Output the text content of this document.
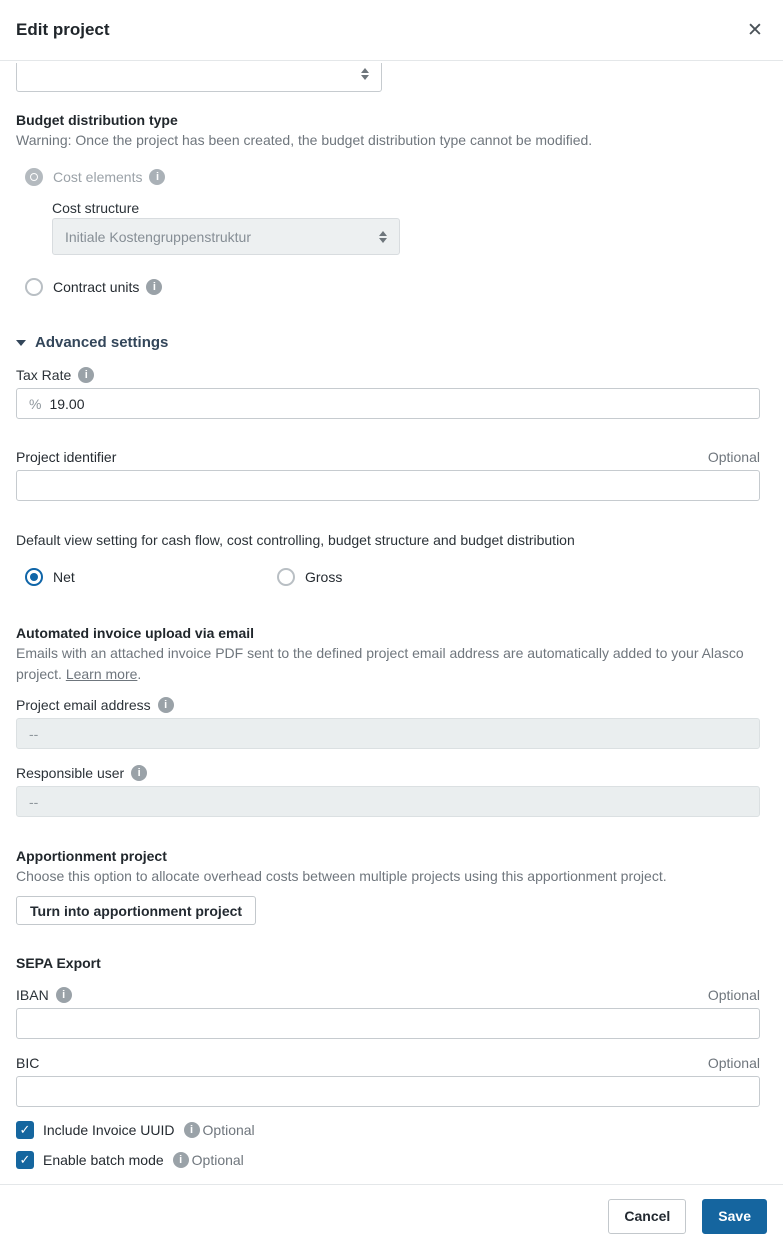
Edit project	✕
Budget distribution type
Warning: Once the project has been created, the budget distribution type cannot be modified.
Cost elements	i
Cost structure
Initiale Kostengruppenstruktur
Contract units	i
Advanced settings
Tax Rate	i
%
19.00
Project identifier	Optional
Default view setting for cash flow, cost controlling, budget structure and budget distribution
Net	Gross
Automated invoice upload via email
Emails with an attached invoice PDF sent to the defined project email address are automatically added to your Alasco project. Learn more.
Project email address	i
--
Responsible user	i
--
Apportionment project
Choose this option to allocate overhead costs between multiple projects using this apportionment project.
Turn into apportionment project
SEPA Export
IBAN	i	Optional
BIC	Optional
✓ Include Invoice UUID	i Optional
✓ Enable batch mode	i Optional
Cancel	Save
